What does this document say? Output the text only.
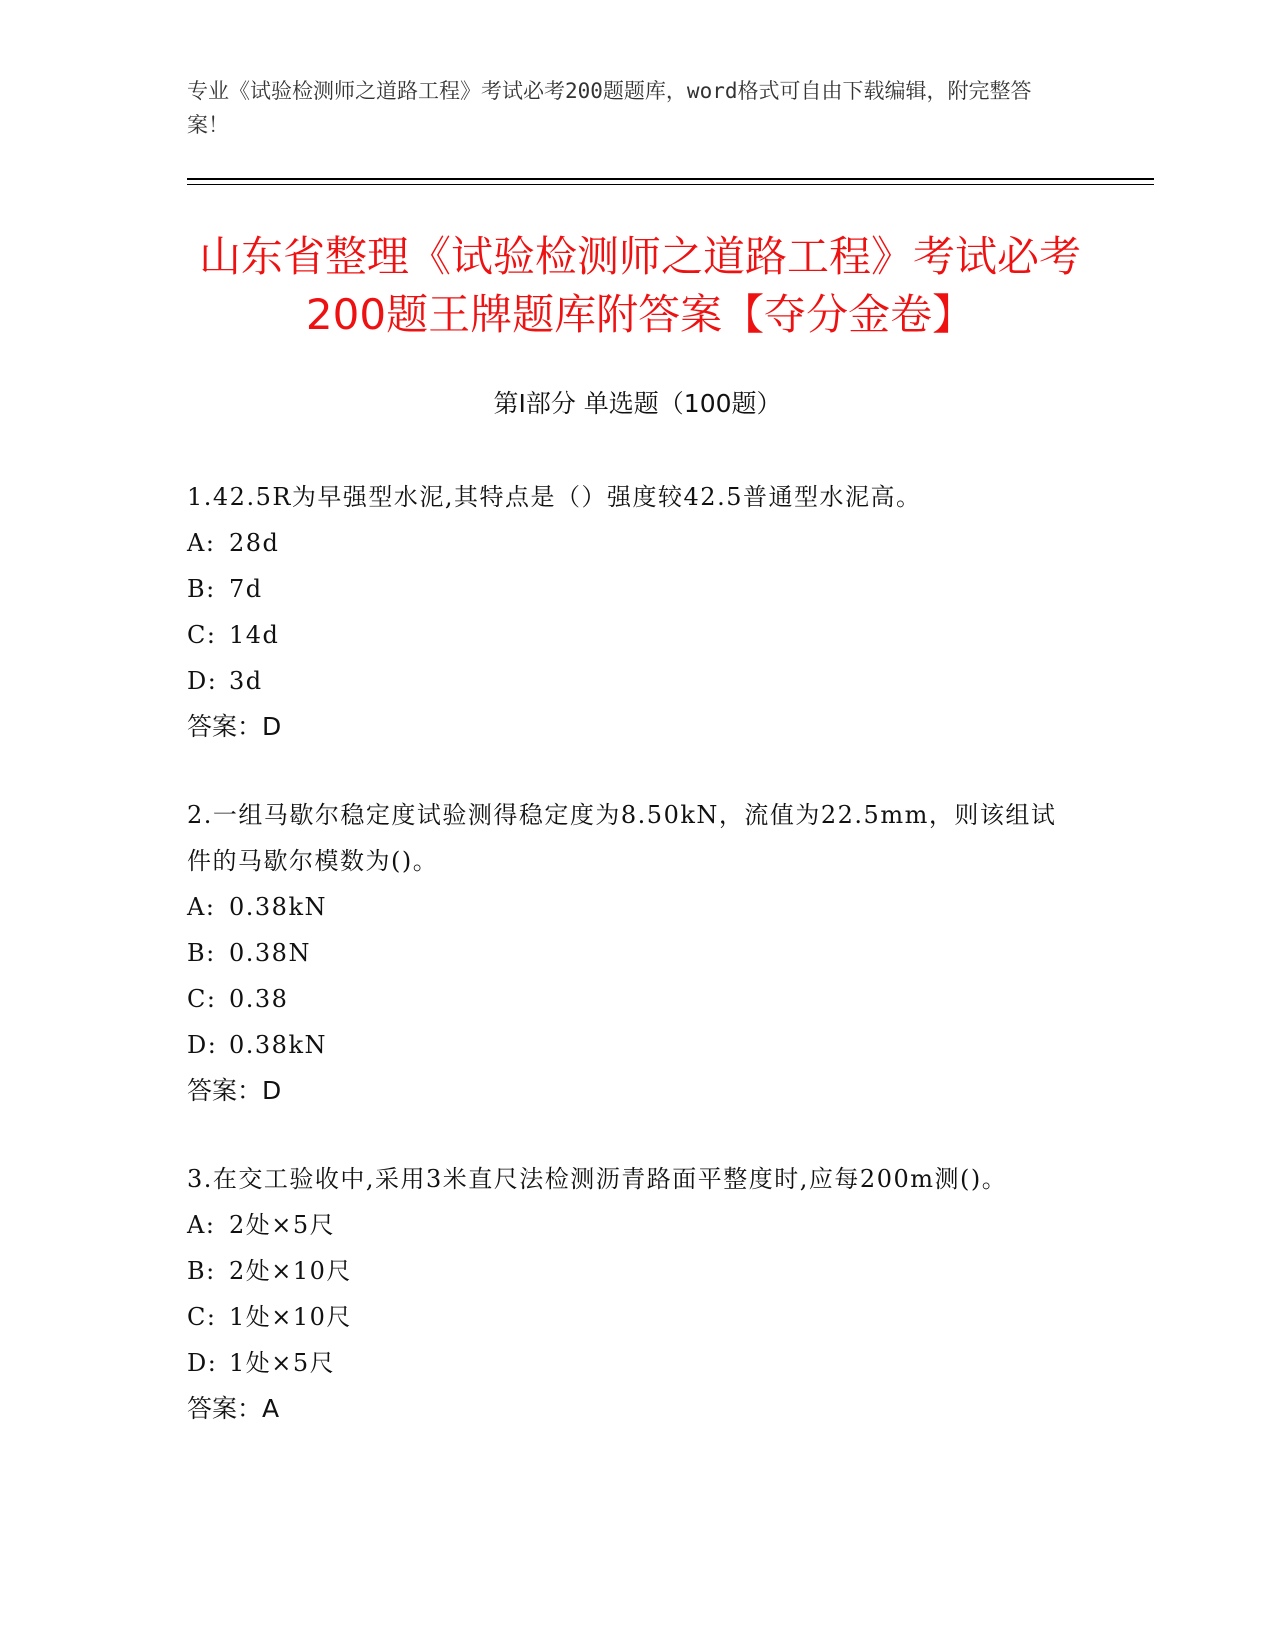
专业《试验检测师之道路工程》考试必考200题题库，word格式可自由下载编辑，附完整答案！
山东省整理《试验检测师之道路工程》考试必考200题王牌题库附答案【夺分金卷】
第I部分 单选题（100题）
1.42.5R为早强型水泥,其特点是（）强度较42.5普通型水泥高。
A: 28d
B: 7d
C: 14d
D: 3d
答案：D
2.一组马歇尔稳定度试验测得稳定度为8.50kN，流值为22.5mm，则该组试件的马歇尔模数为()。
A: 0.38kN
B: 0.38N
C: 0.38
D: 0.38kN
答案：D
3.在交工验收中,采用3米直尺法检测沥青路面平整度时,应每200m测()。
A: 2处×5尺
B: 2处×10尺
C: 1处×10尺
D: 1处×5尺
答案：A
